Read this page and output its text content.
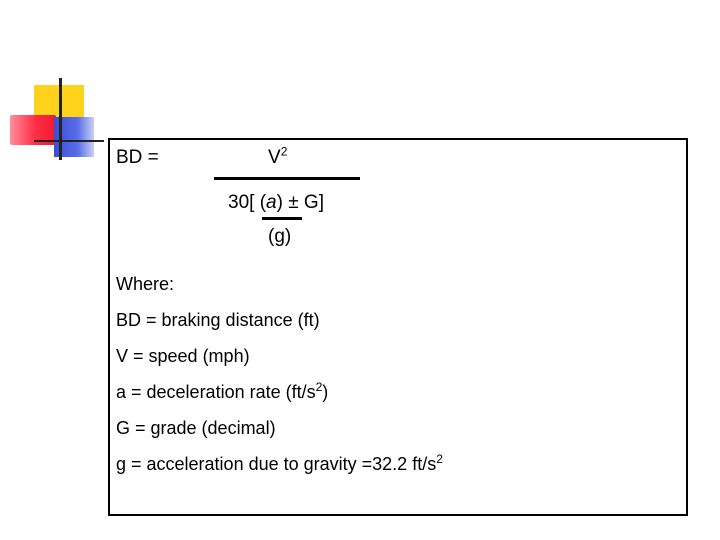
BD =	$V^2$
30[ (a) ± G]
(g)
Where:
BD = braking distance (ft)
V = speed (mph)
a = deceleration rate $(ft/s^2)$
G = grade (decimal)
g = acceleration due to gravity =32.2 $ft/s^2$
